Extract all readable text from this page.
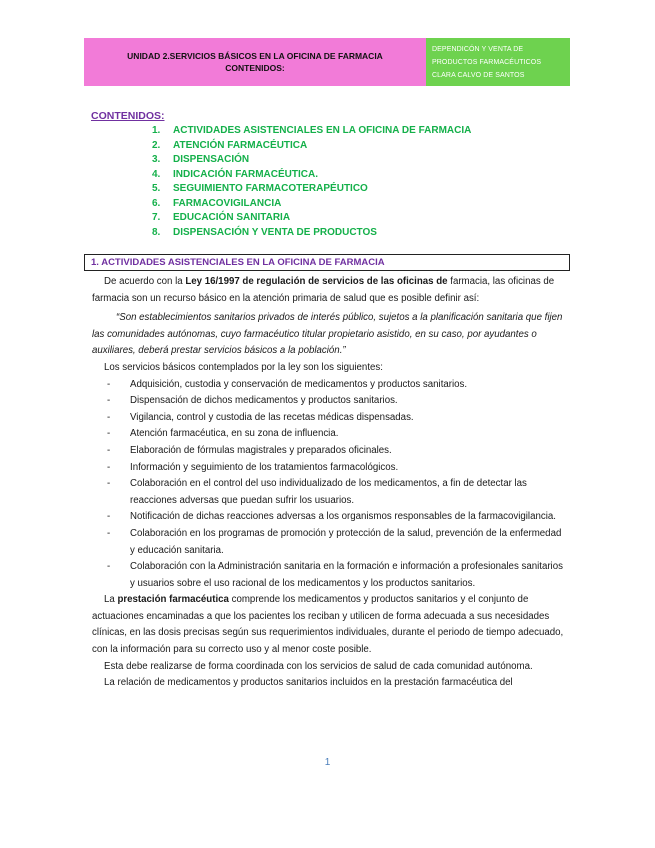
UNIDAD 2.SERVICIOS BÁSICOS EN LA OFICINA DE FARMACIA
CONTENIDOS:
DEPENDICÓN Y VENTA DE
PRODUCTOS FARMACÉUTICOS
CLARA CALVO DE SANTOS
CONTENIDOS:
1.	ACTIVIDADES ASISTENCIALES EN LA OFICINA DE FARMACIA
2.	ATENCIÓN FARMACÉUTICA
3.	DISPENSACIÓN
4.	INDICACIÓN FARMACÉUTICA.
5.	SEGUIMIENTO FARMACOTERAPÉUTICO
6.	FARMACOVIGILANCIA
7.	EDUCACIÓN SANITARIA
8.	DISPENSACIÓN Y VENTA DE PRODUCTOS
1. ACTIVIDADES ASISTENCIALES EN LA OFICINA DE FARMACIA

De acuerdo con la Ley 16/1997 de regulación de servicios de las oficinas de farmacia, las oficinas de farmacia son un recurso básico en la atención primaria de salud que es posible definir así:

“Son establecimientos sanitarios privados de interés público, sujetos a la planificación sanitaria que fijen las comunidades autónomas, cuyo farmacéutico titular propietario asistido, en su caso, por ayudantes o auxiliares, deberá prestar servicios básicos a la población.”

Los servicios básicos contemplados por la ley son los siguientes:

- Adquisición, custodia y conservación de medicamentos y productos sanitarios.
- Dispensación de dichos medicamentos y productos sanitarios.
- Vigilancia, control y custodia de las recetas médicas dispensadas.
- Atención farmacéutica, en su zona de influencia.
- Elaboración de fórmulas magistrales y preparados oficinales.
- Información y seguimiento de los tratamientos farmacológicos.
- Colaboración en el control del uso individualizado de los medicamentos, a fin de detectar las reacciones adversas que puedan sufrir los usuarios.
- Notificación de dichas reacciones adversas a los organismos responsables de la farmacovigilancia.
- Colaboración en los programas de promoción y protección de la salud, prevención de la enfermedad y educación sanitaria.
- Colaboración con la Administración sanitaria en la formación e información a profesionales sanitarios y usuarios sobre el uso racional de los medicamentos y los productos sanitarios.

La prestación farmacéutica comprende los medicamentos y productos sanitarios y el conjunto de actuaciones encaminadas a que los pacientes los reciban y utilicen de forma adecuada a sus necesidades clínicas, en las dosis precisas según sus requerimientos individuales, durante el periodo de tiempo adecuado, con la información para su correcto uso y al menor coste posible.

Esta debe realizarse de forma coordinada con los servicios de salud de cada comunidad autónoma.

La relación de medicamentos y productos sanitarios incluidos en la prestación farmacéutica del

1
